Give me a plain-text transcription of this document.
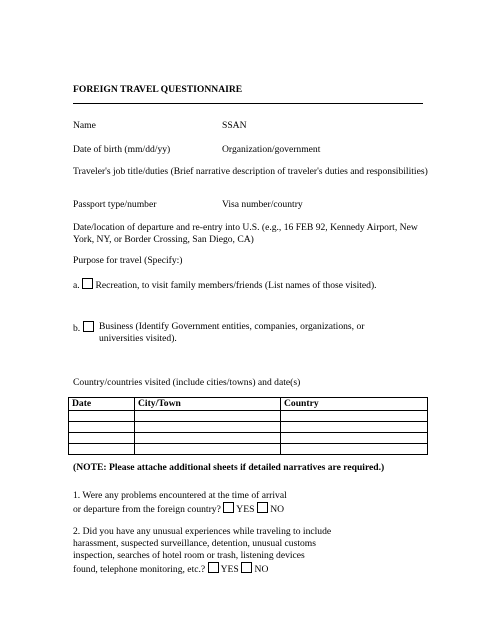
FOREIGN TRAVEL QUESTIONNAIRE
Name	SSAN
Date of birth (mm/dd/yy)	Organization/government
Traveler's job title/duties (Brief narrative description of traveler's duties and responsibilities)
Passport type/number	Visa number/country
Date/location of departure and re-entry into U.S. (e.g., 16 FEB 92, Kennedy Airport, New York, NY, or Border Crossing, San Diego, CA)
Purpose for travel (Specify:)
a. Recreation, to visit family members/friends (List names of those visited).
b.	Business (Identify Government entities, companies, organizations, or universities visited).
Country/countries visited (include cities/towns) and date(s)
Date	City/Town	Country

(NOTE: Please attache additional sheets if detailed narratives are required.)
1. Were any problems encountered at the time of arrival
or departure from the foreign country? YES NO
2. Did you have any unusual experiences while traveling to include
harassment, suspected surveillance, detention, unusual customs
inspection, searches of hotel room or trash, listening devices
found, telephone monitoring, etc.? YES NO
